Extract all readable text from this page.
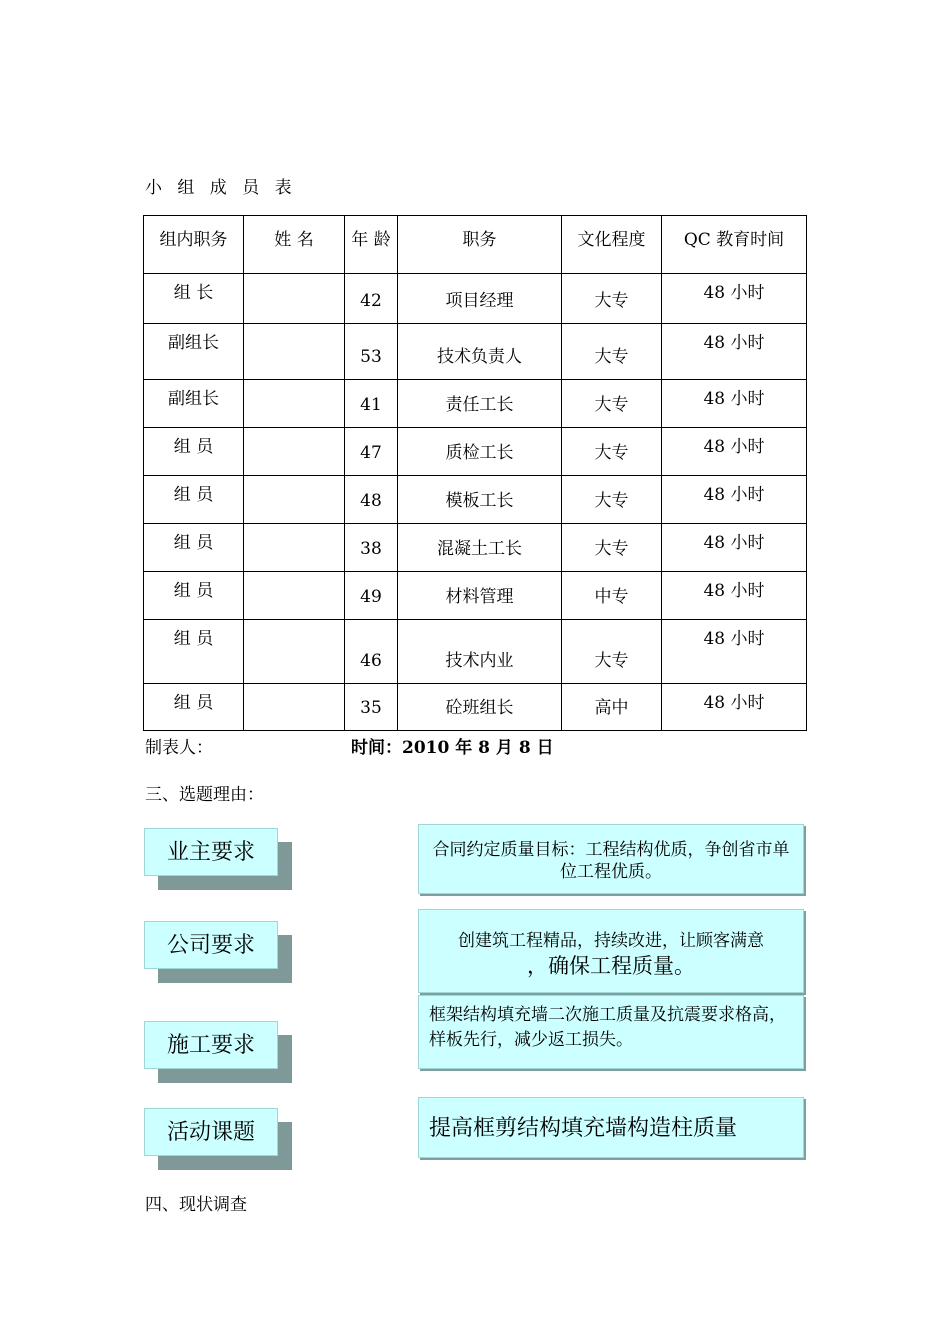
小 组 成 员 表
组内职务	姓 名	年 龄	职务	文化程度	QC 教育时间
组 长		42	项目经理	大专	48 小时
副组长		53	技术负责人	大专	48 小时
副组长		41	责任工长	大专	48 小时
组 员		47	质检工长	大专	48 小时
组 员		48	模板工长	大专	48 小时
组 员		38	混凝土工长	大专	48 小时
组 员		49	材料管理	中专	48 小时
组 员		46	技术内业	大专	48 小时
组 员		35	砼班组长	高中	48 小时
制表人：	时间：2010 年 8 月 8 日
三、选题理由：
业主要求	合同约定质量目标：工程结构优质，争创省市单位工程优质。
公司要求	创建筑工程精品，持续改进，让顾客满意
，确保工程质量。
施工要求
框架结构填充墙二次施工质量及抗震要求格高，样板先行，减少返工损失。
活动课题	提高框剪结构填充墙构造柱质量
四、现状调查
